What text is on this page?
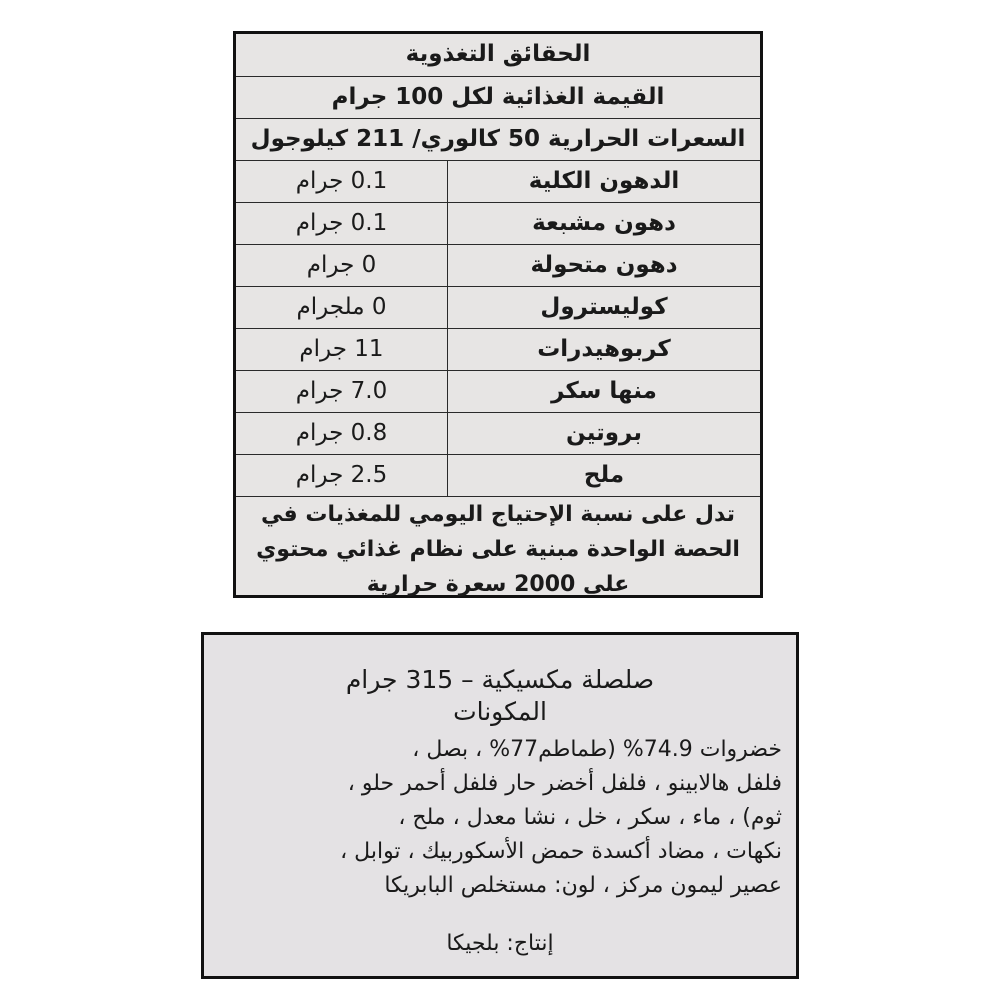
الحقائق التغذوية
القيمة الغذائية لكل 100 جرام
السعرات الحرارية 50 كالوري/ 211 كيلوجول
الدهون الكلية
0.1 جرام
دهون مشبعة
0.1 جرام
دهون متحولة
0 جرام
كوليسترول
0 ملجرام
كربوهيدرات
11 جرام
منها سكر
7.0 جرام
بروتين
0.8 جرام
ملح
2.5 جرام
تدل على نسبة الإحتياج اليومي للمغذيات في
الحصة الواحدة مبنية على نظام غذائي محتوي
على 2000 سعرة حرارية
صلصلة مكسيكية – 315 جرام
المكونات
خضروات 74.9% (طماطم77% ، بصل ،
فلفل هالابينو ، فلفل أخضر حار فلفل أحمر حلو ،
ثوم) ، ماء ، سكر ، خل ، نشا معدل ، ملح ،
نكهات ، مضاد أكسدة حمض الأسكوربيك ، توابل ،
عصير ليمون مركز ، لون: مستخلص البابريكا
إنتاج: بلجيكا
